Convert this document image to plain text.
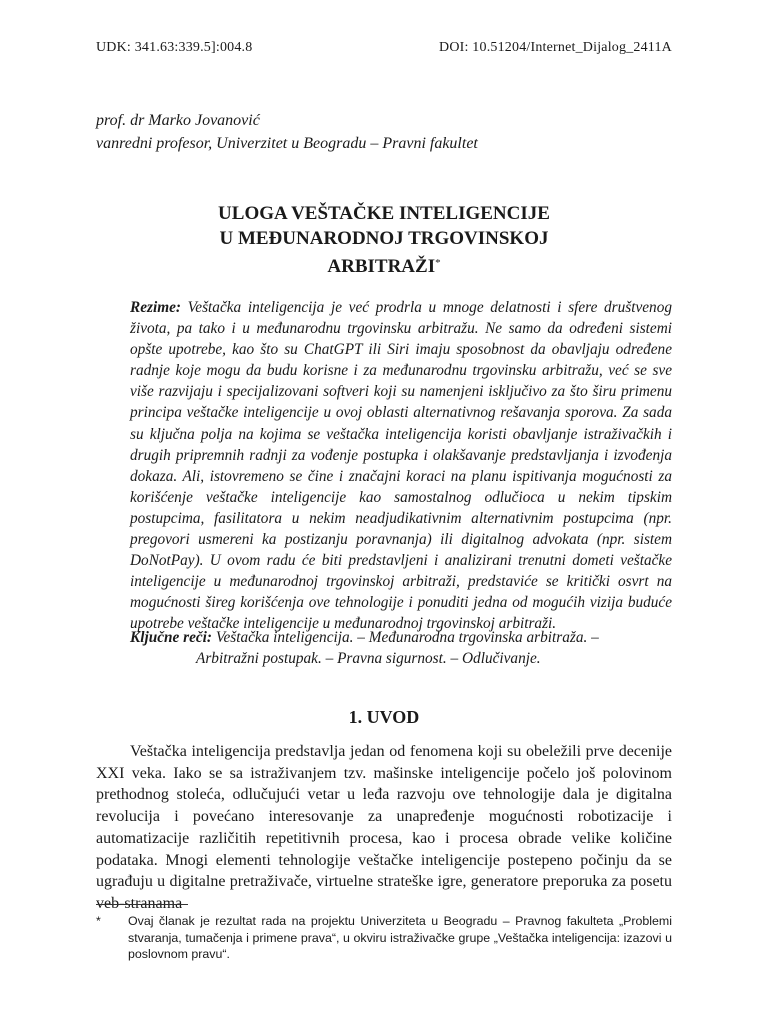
UDK: 341.63:339.5]:004.8	DOI: 10.51204/Internet_Dijalog_2411A
prof. dr Marko Jovanović
vanredni profesor, Univerzitet u Beogradu – Pravni fakultet
ULOGA VEŠTAČKE INTELIGENCIJE
U MEĐUNARODNOJ TRGOVINSKOJ
ARBITRAŽI*
Rezime: Veštačka inteligencija je već prodrla u mnoge delatnosti i sfere društvenog života, pa tako i u međunarodnu trgovinsku arbitražu. Ne samo da određeni sistemi opšte upotrebe, kao što su ChatGPT ili Siri imaju sposobnost da obavljaju određene radnje koje mogu da budu korisne i za međunarodnu trgovinsku arbitražu, već se sve više razvijaju i specijalizovani softveri koji su namenjeni isključivo za što širu primenu principa veštačke inteligencije u ovoj oblasti alternativnog rešavanja sporova. Za sada su ključna polja na kojima se veštačka inteligencija koristi obavljanje istraživačkih i drugih pripremnih radnji za vođenje postupka i olakšavanje predstavljanja i izvođenja dokaza. Ali, istovremeno se čine i značajni koraci na planu ispitivanja mogućnosti za korišćenje veštačke inteligencije kao samostalnog odlučioca u nekim tipskim postupcima, fasilitatora u nekim neadjudikativnim alternativnim postupcima (npr. pregovori usmereni ka postizanju poravnanja) ili digitalnog advokata (npr. sistem DoNotPay). U ovom radu će biti predstavljeni i analizirani trenutni dometi veštačke inteligencije u međunarodnoj trgovinskoj arbitraži, predstaviće se kritički osvrt na mogućnosti šireg korišćenja ove tehnologije i ponuditi jedna od mogućih vizija buduće upotrebe veštačke inteligencije u međunarodnoj trgovinskoj arbitraži.
Ključne reči: Veštačka inteligencija. – Međunarodna trgovinska arbitraža. –
Arbitražni postupak. – Pravna sigurnost. – Odlučivanje.
1. UVOD
Veštačka inteligencija predstavlja jedan od fenomena koji su obeležili prve decenije XXI veka. Iako se sa istraživanjem tzv. mašinske inteligencije počelo još polovinom prethodnog stoleća, odlučujući vetar u leđa razvoju ove tehnologije dala je digitalna revolucija i povećano interesovanje za unapređenje mogućnosti robotizacije i automatizacije različitih repetitivnih procesa, kao i procesa obrade velike količine podataka. Mnogi elementi tehnologije veštačke inteligencije postepeno počinju da se ugrađuju u digitalne pretraživače, virtuelne strateške igre, generatore preporuka za posetu veb-stranama
* Ovaj članak je rezultat rada na projektu Univerziteta u Beogradu – Pravnog fakulteta „Problemi stvaranja, tumačenja i primene prava“, u okviru istraživačke grupe „Veštačka inteligencija: izazovi u poslovnom pravu“.
